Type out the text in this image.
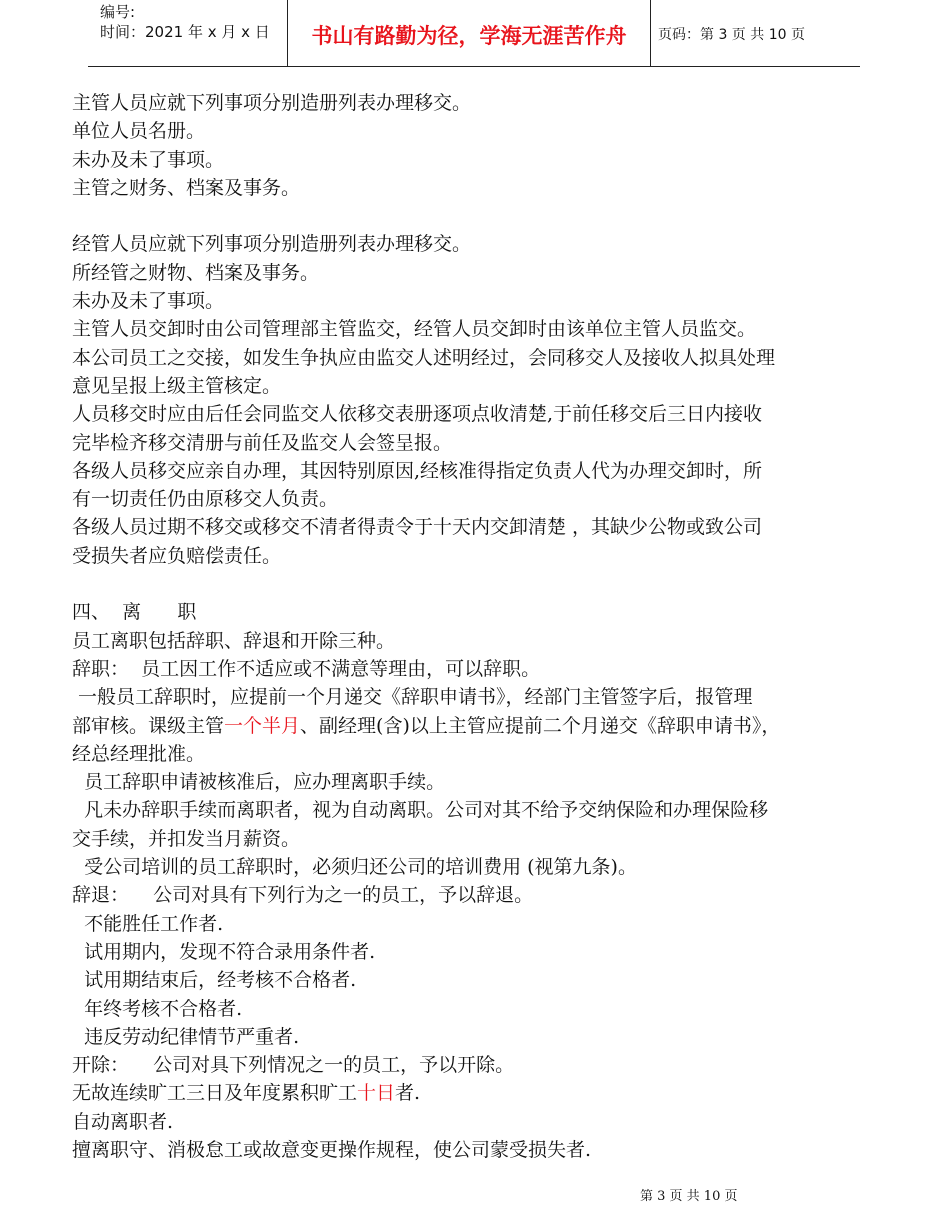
编号:
时间：2021 年 x 月 x 日	书山有路勤为径，学海无涯苦作舟	页码：第 3 页 共 10 页
主管人员应就下列事项分别造册列表办理移交。
单位人员名册。
未办及未了事项。
主管之财务、档案及事务。
经管人员应就下列事项分别造册列表办理移交。
所经管之财物、档案及事务。
未办及未了事项。
主管人员交卸时由公司管理部主管监交，经管人员交卸时由该单位主管人员监交。
本公司员工之交接，如发生争执应由监交人述明经过，会同移交人及接收人拟具处理
意见呈报上级主管核定。
人员移交时应由后任会同监交人依移交表册逐项点收清楚,于前任移交后三日内接收
完毕检齐移交清册与前任及监交人会签呈报。
各级人员移交应亲自办理，其因特别原因,经核准得指定负责人代为办理交卸时，所
有一切责任仍由原移交人负责。
各级人员过期不移交或移交不清者得责令于十天内交卸清楚 ，其缺少公物或致公司
受损失者应负赔偿责任。
四、  离      职
员工离职包括辞职、辞退和开除三种。
辞职：  员工因工作不适应或不满意等理由，可以辞职。
一般员工辞职时，应提前一个月递交《辞职申请书》，经部门主管签字后，报管理
部审核。课级主管一个半月、副经理(含)以上主管应提前二个月递交《辞职申请书》，
经总经理批准。
员工辞职申请被核准后，应办理离职手续。
凡未办辞职手续而离职者，视为自动离职。公司对其不给予交纳保险和办理保险移
交手续，并扣发当月薪资。
受公司培训的员工辞职时，必须归还公司的培训费用 (视第九条)。
辞退：    公司对具有下列行为之一的员工，予以辞退。
不能胜任工作者.
试用期内，发现不符合录用条件者.
试用期结束后，经考核不合格者.
年终考核不合格者.
违反劳动纪律情节严重者.
开除：    公司对具下列情况之一的员工，予以开除。
无故连续旷工三日及年度累积旷工十日者.
自动离职者.
擅离职守、消极怠工或故意变更操作规程，使公司蒙受损失者.
第 3 页 共 10 页
